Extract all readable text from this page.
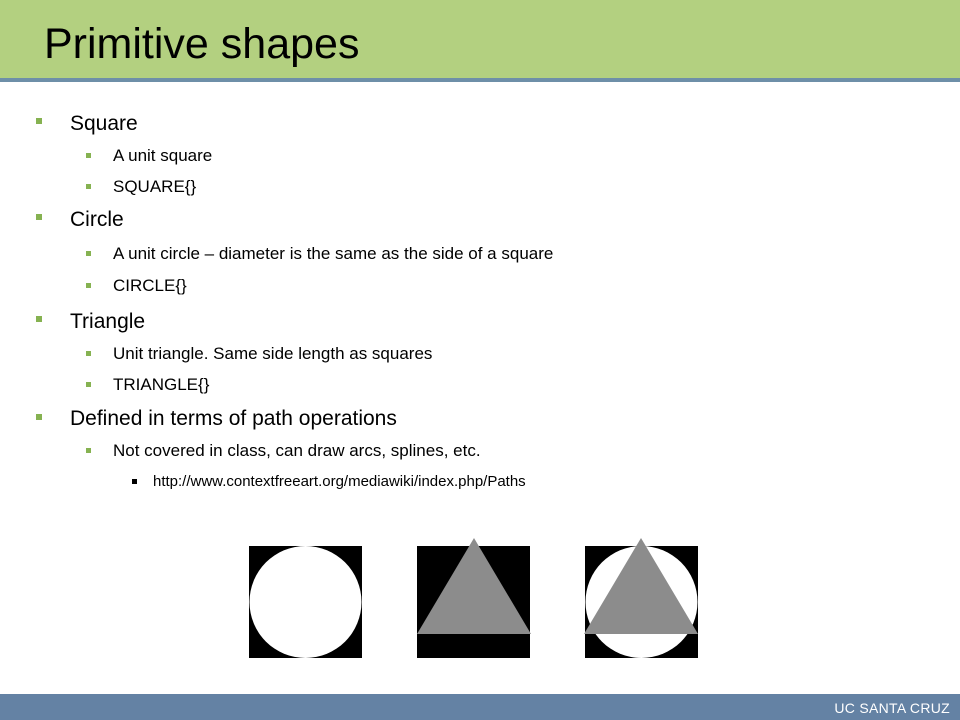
Primitive shapes
Square
A unit square
SQUARE{}
Circle
A unit circle – diameter is the same as the side of a square
CIRCLE{}
Triangle
Unit triangle. Same side length as squares
TRIANGLE{}
Defined in terms of path operations
Not covered in class, can draw arcs, splines, etc.
http://www.contextfreeart.org/mediawiki/index.php/Paths
UC SANTA CRUZ
